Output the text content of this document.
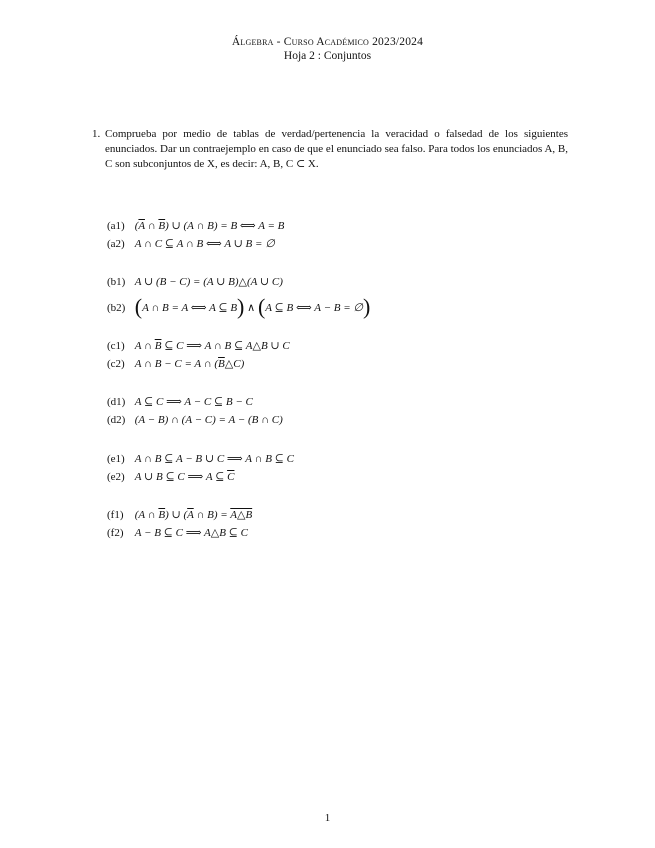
Álgebra - Curso Académico 2023/2024
Hoja 2 : Conjuntos
1. Comprueba por medio de tablas de verdad/pertenencia la veracidad o falsedad de los siguientes enunciados. Dar un contraejemplo en caso de que el enunciado sea falso. Para todos los enunciados A, B, C son subconjuntos de X, es decir: A, B, C ⊂ X.
(a1) ($\overline{A}$ ∩ $\overline{B}$) ∪ (A ∩ B) = B ⟺ A = B
(a2) A ∩ C ⊆ A ∩ B ⟺ A ∪ B = ∅
(b1) A ∪ (B − C) = (A ∪ B)△(A ∪ C)
(b2) (A ∩ B = A ⟺ A ⊆ B) ∧ (A ⊆ B ⟺ A − B = ∅)
(c1) A ∩ $\overline{B}$ ⊆ C ⟹ A ∩ B ⊆ A△B ∪ C
(c2) A ∩ B − C = A ∩ $(\overline{B}\triangle C)$
(d1) A ⊆ C ⟹ A − C ⊆ B − C
(d2) (A − B) ∩ (A − C) = A − (B ∩ C)
(e1) A ∩ B ⊆ A − B ∪ C ⟹ A ∩ B ⊆ C
(e2) A ∪ B ⊆ C ⟹ A ⊆ $\overline{C}$
(f1) (A ∩ $\overline{B}$) ∪ ($\overline{A}$ ∩ B) = A△B
(f2) A − B ⊆ C ⟹ A△B ⊆ C
1
